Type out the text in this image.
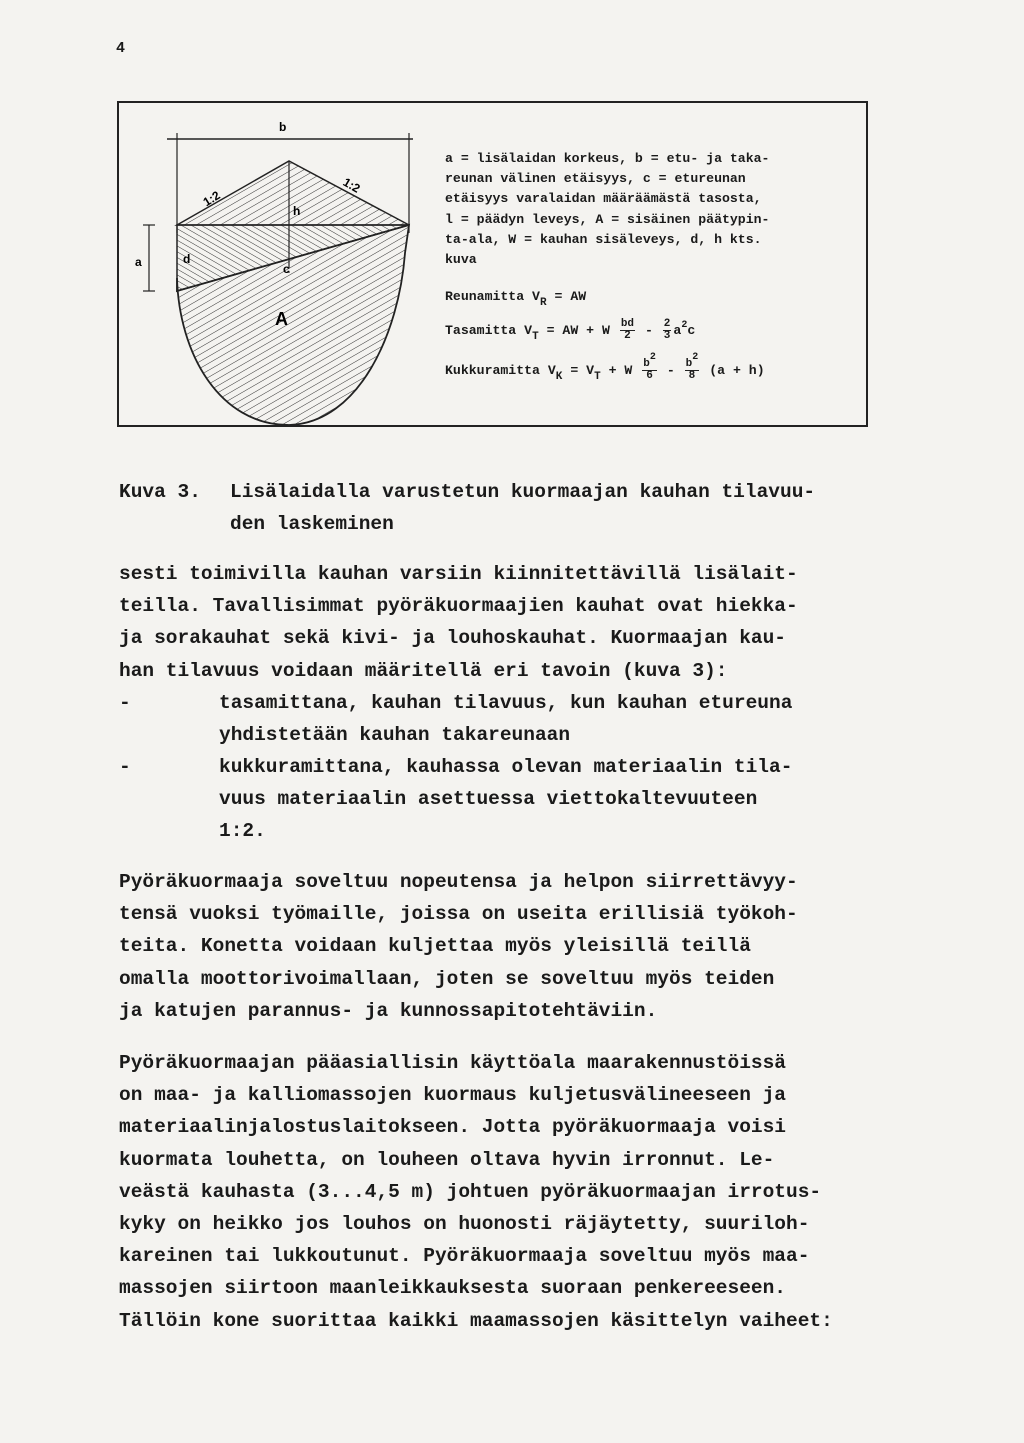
4
b
a	d
h
c
A
1:2
1:2
a = lisälaidan korkeus, b = etu- ja taka-
reunan välinen etäisyys, c = etureunan
etäisyys varalaidan määräämästä tasosta,
l = päädyn leveys, A = sisäinen päätypin-
ta-ala, W = kauhan sisäleveys, d, h kts.
kuva
Reunamitta $V_R$ = AW
Tasamitta $V_T$ = AW + W $\frac{bd}{2} - \frac{2}{3} a^2c$
Kukkuramitta $V_K = V_T + W \frac{b2}{6} - \frac{b2}{8} (a + h)$
Kuva 3. Lisälaidalla varustetun kuormaajan kauhan tilavuu-
den laskeminen
sesti toimivilla kauhan varsiin kiinnitettävillä lisälait-
teilla. Tavallisimmat pyöräkuormaajien kauhat ovat hiekka-
ja sorakauhat sekä kivi- ja louhoskauhat. Kuormaajan kau-
han tilavuus voidaan määritellä eri tavoin (kuva 3):
-	tasamittana, kauhan tilavuus, kun kauhan etureuna
yhdistetään kauhan takareunaan
-	kukkuramittana, kauhassa olevan materiaalin tila-
vuus materiaalin asettuessa viettokaltevuuteen
1:2.
Pyöräkuormaaja soveltuu nopeutensa ja helpon siirrettävyy-
tensä vuoksi työmaille, joissa on useita erillisiä työkoh-
teita. Konetta voidaan kuljettaa myös yleisillä teillä
omalla moottorivoimallaan, joten se soveltuu myös teiden
ja katujen parannus- ja kunnossapitotehtäviin.
Pyöräkuormaajan pääasiallisin käyttöala maarakennustöissä
on maa- ja kalliomassojen kuormaus kuljetusvälineeseen ja
materiaalinjalostuslaitokseen. Jotta pyöräkuormaaja voisi
kuormata louhetta, on louheen oltava hyvin irronnut. Le-
veästä kauhasta (3...4,5 m) johtuen pyöräkuormaajan irrotus-
kyky on heikko jos louhos on huonosti räjäytetty, suuriloh-
kareinen tai lukkoutunut. Pyöräkuormaaja soveltuu myös maa-
massojen siirtoon maanleikkauksesta suoraan penkereeseen.
Tällöin kone suorittaa kaikki maamassojen käsittelyn vaiheet:
